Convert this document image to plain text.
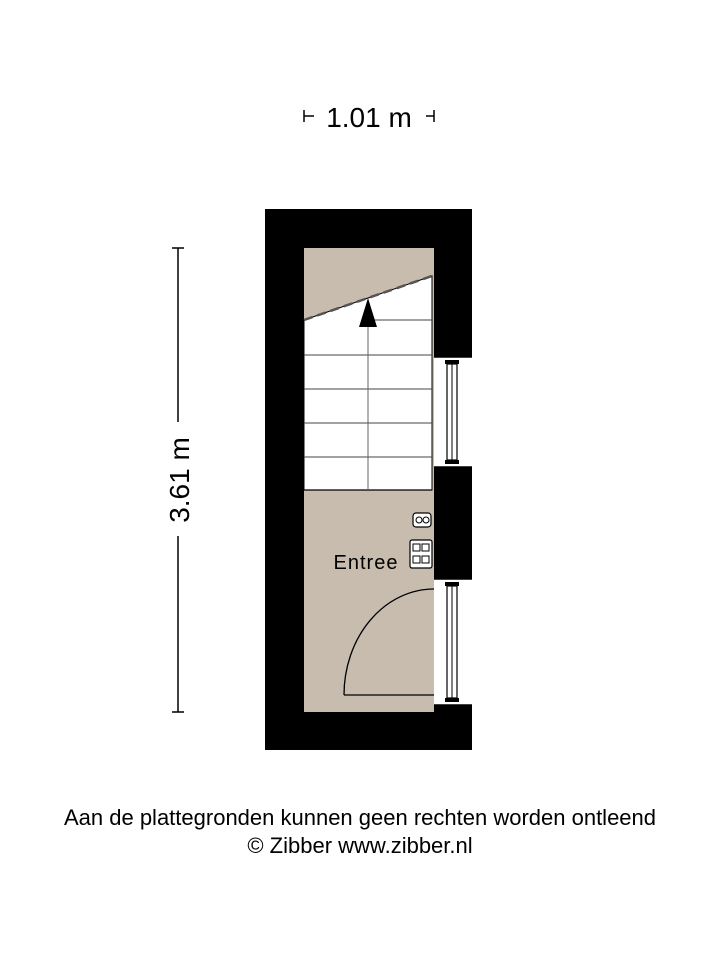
1.01 m
3.61 m
Entree
Aan de plattegronden kunnen geen rechten worden ontleend
© Zibber www.zibber.nl
